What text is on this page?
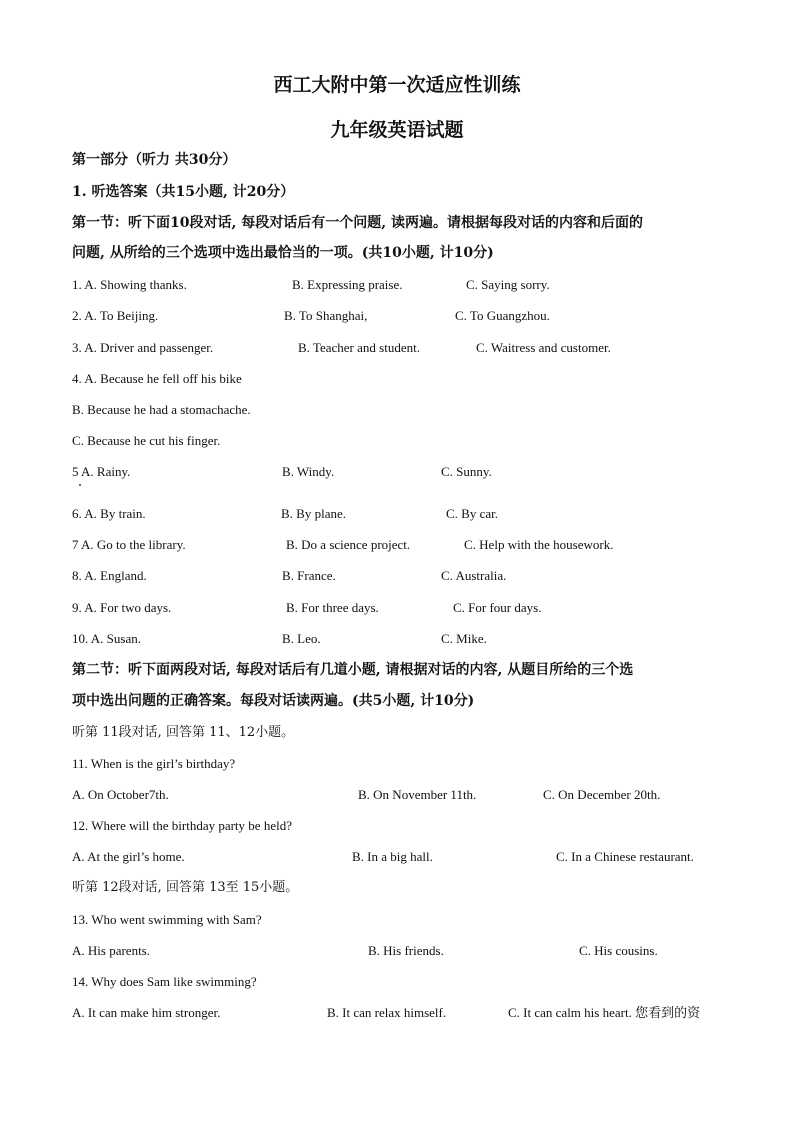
西工大附中第一次适应性训练
九年级英语试题
第一部分（听力 共30分）
1. 听选答案（共15小题, 计20分）
第一节：听下面10段对话, 每段对话后有一个问题, 读两遍。请根据每段对话的内容和后面的
问题, 从所给的三个选项中选出最恰当的一项。(共10小题, 计10分)
1. A. Showing thanks.	B. Expressing praise.	C. Saying sorry.
2. A. To Beijing.	B. To Shanghai,	C. To Guangzhou.
3. A. Driver and passenger.	B. Teacher and student.	C. Waitress and customer.
4. A. Because he fell off his bike
B. Because he had a stomachache.
C. Because he cut his finger.
5 A. Rainy.	B. Windy.	C. Sunny.
6. A. By train.	B. By plane.	C. By car.
7 A. Go to the library.	B. Do a science project.	C. Help with the housework.
8. A. England.	B. France.	C. Australia.
9. A. For two days.	B. For three days.	C. For four days.
10. A. Susan.	B. Leo.	C. Mike.
第二节：听下面两段对话, 每段对话后有几道小题, 请根据对话的内容, 从题目所给的三个选
项中选出问题的正确答案。每段对话读两遍。(共5小题, 计10分)
听第 11段对话, 回答第 11、12小题。
11. When is the girl’s birthday?
A. On October7th.	B. On November 11th.	C. On December 20th.
12. Where will the birthday party be held?
A. At the girl’s home.	B. In a big hall.	C. In a Chinese restaurant.
听第 12段对话, 回答第 13至 15小题。
13. Who went swimming with Sam?
A. His parents.	B. His friends.	C. His cousins.
14. Why does Sam like swimming?
A. It can make him stronger.	B. It can relax himself.	C. It can calm his heart. 您看到的资
